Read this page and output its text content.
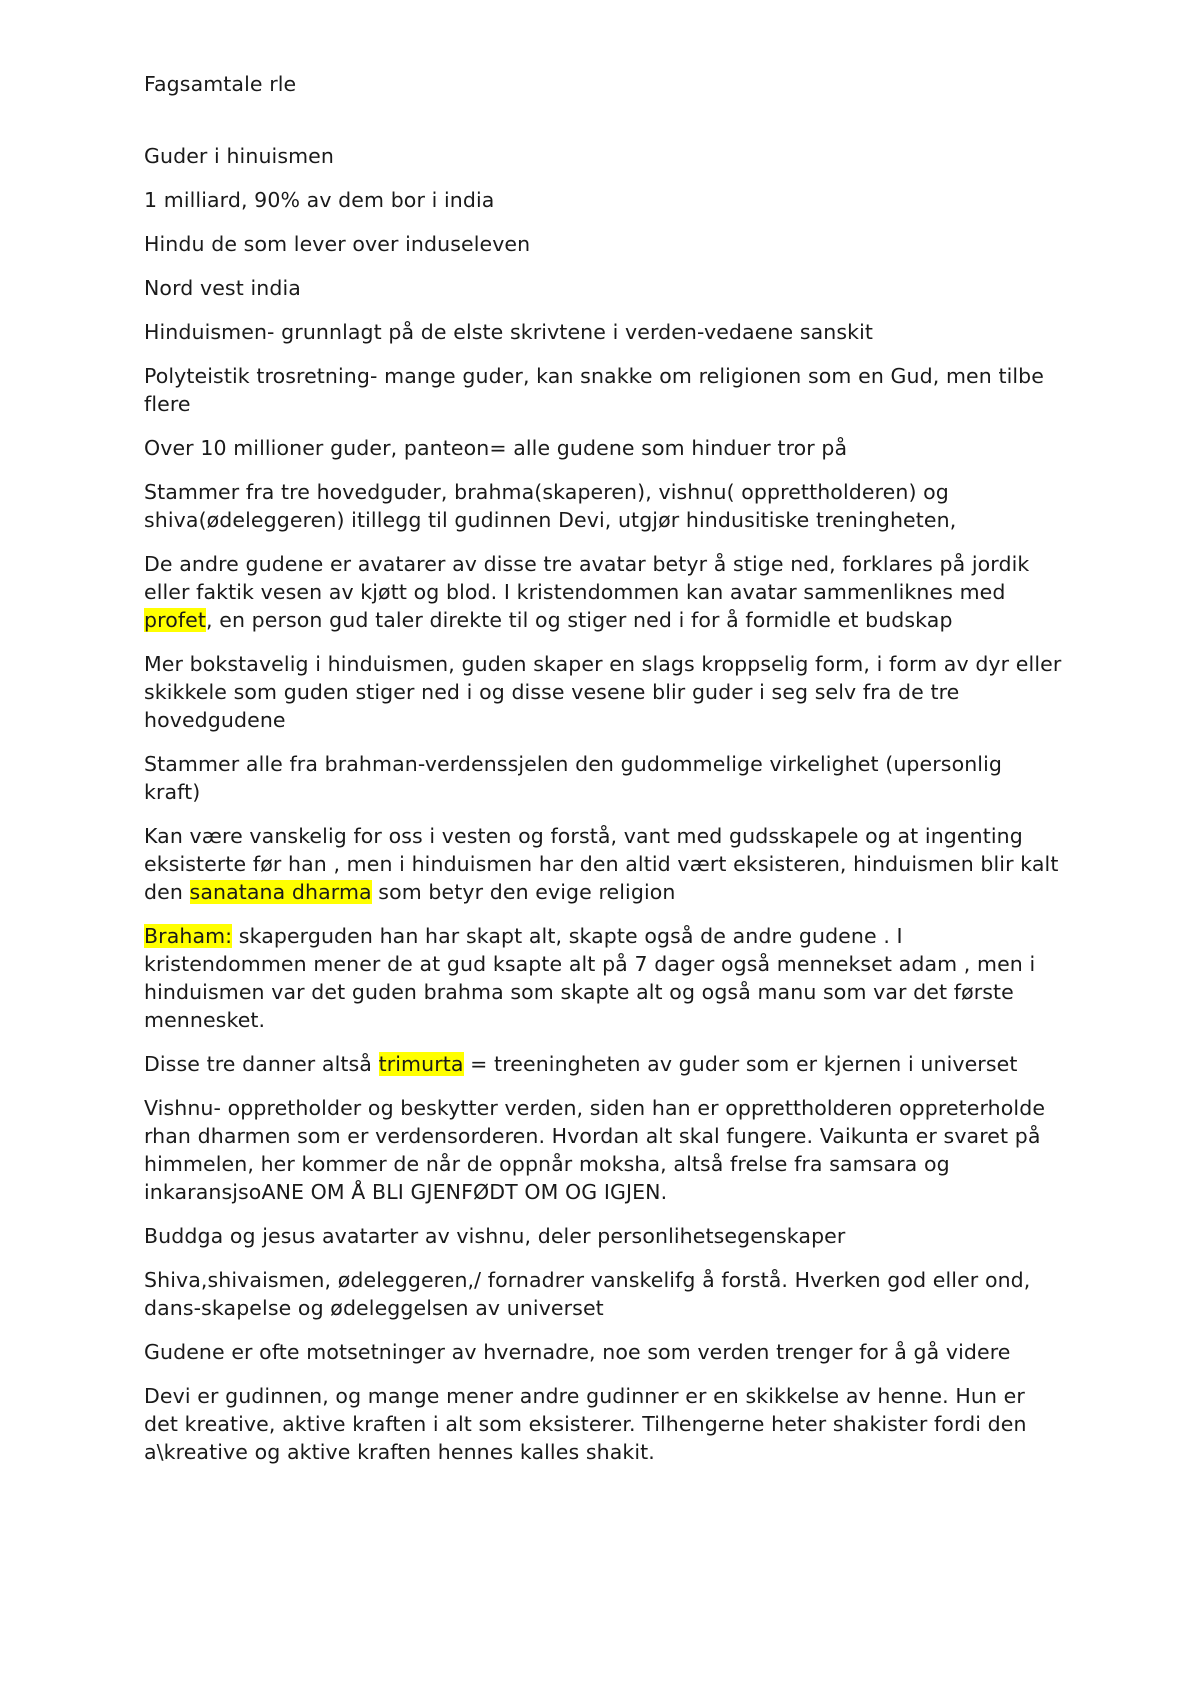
Fagsamtale rle

Guder i hinuismen

1 milliard, 90% av dem bor i india

Hindu de som lever over induseleven

Nord vest india

Hinduismen- grunnlagt på de elste skrivtene i verden-vedaene sanskit

Polyteistik trosretning- mange guder, kan snakke om religionen som en Gud, men tilbe flere

Over 10 millioner guder, panteon= alle gudene som hinduer tror på

Stammer fra tre hovedguder, brahma(skaperen), vishnu( opprettholderen) og shiva(ødeleggeren) itillegg til gudinnen Devi, utgjør hindusitiske treningheten,

De andre gudene er avatarer av disse tre avatar betyr å stige ned, forklares på jordik eller faktik vesen av kjøtt og blod. I kristendommen kan avatar sammenliknes med profet, en person gud taler direkte til og stiger ned i for å formidle et budskap

Mer bokstavelig i hinduismen, guden skaper en slags kroppselig form, i form av dyr eller skikkele som guden stiger ned i og disse vesene blir guder i seg selv fra de tre hovedgudene

Stammer alle fra brahman-verdenssjelen den gudommelige virkelighet (upersonlig kraft)

Kan være vanskelig for oss i vesten og forstå, vant med gudsskapele og at ingenting eksisterte før han , men i hinduismen har den altid vært eksisteren, hinduismen blir kalt den sanatana dharma som betyr den evige religion

Braham: skaperguden han har skapt alt, skapte også de andre gudene . I kristendommen mener de at gud ksapte alt på 7 dager også mennekset adam , men i hinduismen var det guden brahma som skapte alt og også manu som var det første mennesket.

Disse tre danner altså trimurta = treeningheten av guder som er kjernen i universet

Vishnu- oppretholder og beskytter verden, siden han er opprettholderen oppreterholde rhan dharmen som er verdensorderen. Hvordan alt skal fungere. Vaikunta er svaret på himmelen, her kommer de når de oppnår moksha, altså frelse fra samsara og inkaransjsoANE OM Å BLI GJENFØDT OM OG IGJEN.

Buddga og jesus avatarter av vishnu, deler personlihetsegenskaper

Shiva,shivaismen, ødeleggeren,/ fornadrer vanskelifg å forstå. Hverken god eller ond, dans-skapelse og ødeleggelsen av universet

Gudene er ofte motsetninger av hvernadre, noe som verden trenger for å gå videre

Devi er gudinnen, og mange mener andre gudinner er en skikkelse av henne. Hun er det kreative, aktive kraften i alt som eksisterer. Tilhengerne heter shakister fordi den a\kreative og aktive kraften hennes kalles shakit.
